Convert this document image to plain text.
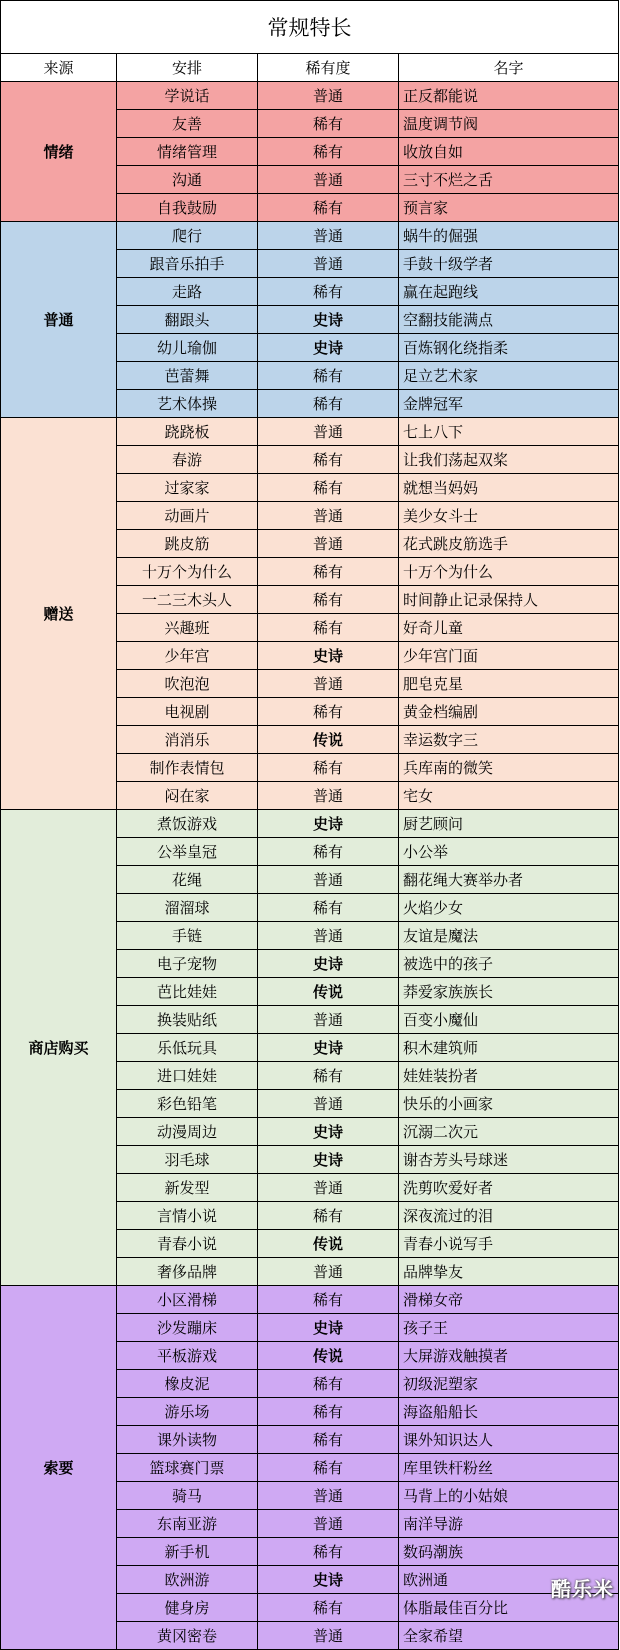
常规特长			
来源	安排	稀有度	名字
情绪	学说话	普通	正反都能说
	友善	稀有	温度调节阀
	情绪管理	稀有	收放自如
	沟通	普通	三寸不烂之舌
	自我鼓励	稀有	预言家
普通	爬行	普通	蜗牛的倔强
	跟音乐拍手	普通	手鼓十级学者
	走路	稀有	赢在起跑线
	翻跟头	史诗	空翻技能满点
	幼儿瑜伽	史诗	百炼钢化绕指柔
	芭蕾舞	稀有	足立艺术家
	艺术体操	稀有	金牌冠军
赠送	跷跷板	普通	七上八下
	春游	稀有	让我们荡起双桨
	过家家	稀有	就想当妈妈
	动画片	普通	美少女斗士
	跳皮筋	普通	花式跳皮筋选手
	十万个为什么	稀有	十万个为什么
	一二三木头人	稀有	时间静止记录保持人
	兴趣班	稀有	好奇儿童
	少年宫	史诗	少年宫门面
	吹泡泡	普通	肥皂克星
	电视剧	稀有	黄金档编剧
	消消乐	传说	幸运数字三
	制作表情包	稀有	兵库南的微笑
	闷在家	普通	宅女
商店购买	煮饭游戏	史诗	厨艺顾问
	公举皇冠	稀有	小公举
	花绳	普通	翻花绳大赛举办者
	溜溜球	稀有	火焰少女
	手链	普通	友谊是魔法
	电子宠物	史诗	被选中的孩子
	芭比娃娃	传说	莽爱家族族长
	换装贴纸	普通	百变小魔仙
	乐低玩具	史诗	积木建筑师
	进口娃娃	稀有	娃娃装扮者
	彩色铅笔	普通	快乐的小画家
	动漫周边	史诗	沉溺二次元
	羽毛球	史诗	谢杏芳头号球迷
	新发型	普通	洗剪吹爱好者
	言情小说	稀有	深夜流过的泪
	青春小说	传说	青春小说写手
	奢侈品牌	普通	品牌挚友
索要	小区滑梯	稀有	滑梯女帝
	沙发蹦床	史诗	孩子王
	平板游戏	传说	大屏游戏触摸者
	橡皮泥	稀有	初级泥塑家
	游乐场	稀有	海盗船船长
	课外读物	稀有	课外知识达人
	篮球赛门票	稀有	库里铁杆粉丝
	骑马	普通	马背上的小姑娘
	东南亚游	普通	南洋导游
	新手机	稀有	数码潮族
	欧洲游	史诗	欧洲通
	健身房	稀有	体脂最佳百分比
	黄冈密卷	普通	全家希望
酷乐米
